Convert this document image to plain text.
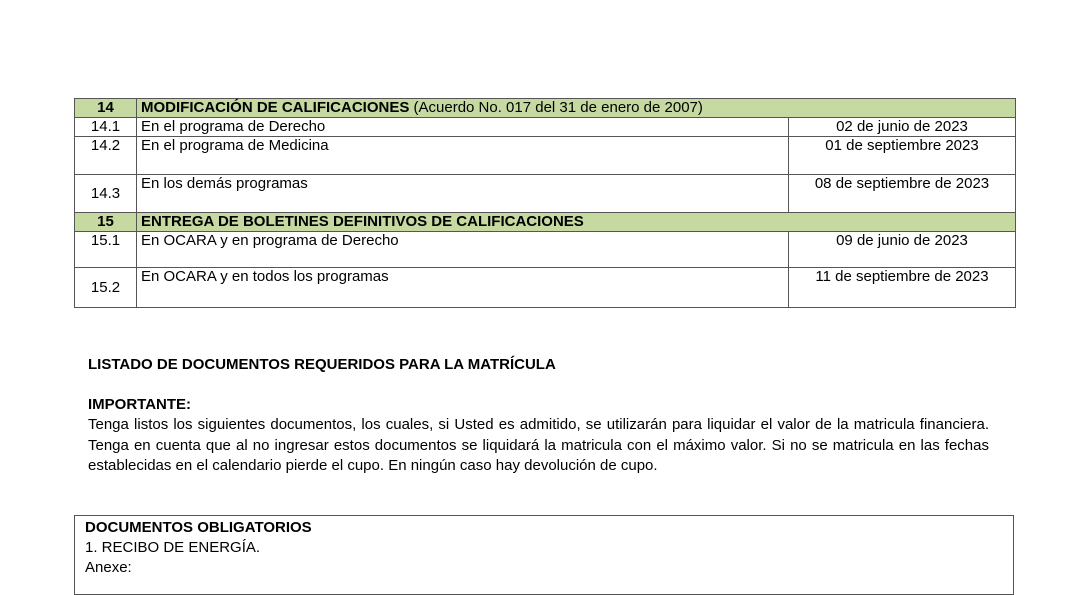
14	MODIFICACIÓN DE CALIFICACIONES (Acuerdo No. 017 del 31 de enero de 2007)	
14.1	En el programa de Derecho	02 de junio de 2023
14.2	En el programa de Medicina	01 de septiembre 2023
14.3	En los demás programas	08 de septiembre de 2023
15	ENTREGA DE BOLETINES DEFINITIVOS DE CALIFICACIONES	
15.1	En OCARA y en programa de Derecho	09 de junio de 2023
15.2	En OCARA y en todos los programas	11 de septiembre de 2023
LISTADO DE DOCUMENTOS REQUERIDOS PARA LA MATRÍCULA
IMPORTANTE:
Tenga listos los siguientes documentos, los cuales, si Usted es admitido, se utilizarán para liquidar el valor de la matricula financiera. Tenga en cuenta que al no ingresar estos documentos se liquidará la matricula con el máximo valor. Si no se matricula en las fechas establecidas en el calendario pierde el cupo. En ningún caso hay devolución de cupo.
DOCUMENTOS OBLIGATORIOS
1. RECIBO DE ENERGÍA.
Anexe:
